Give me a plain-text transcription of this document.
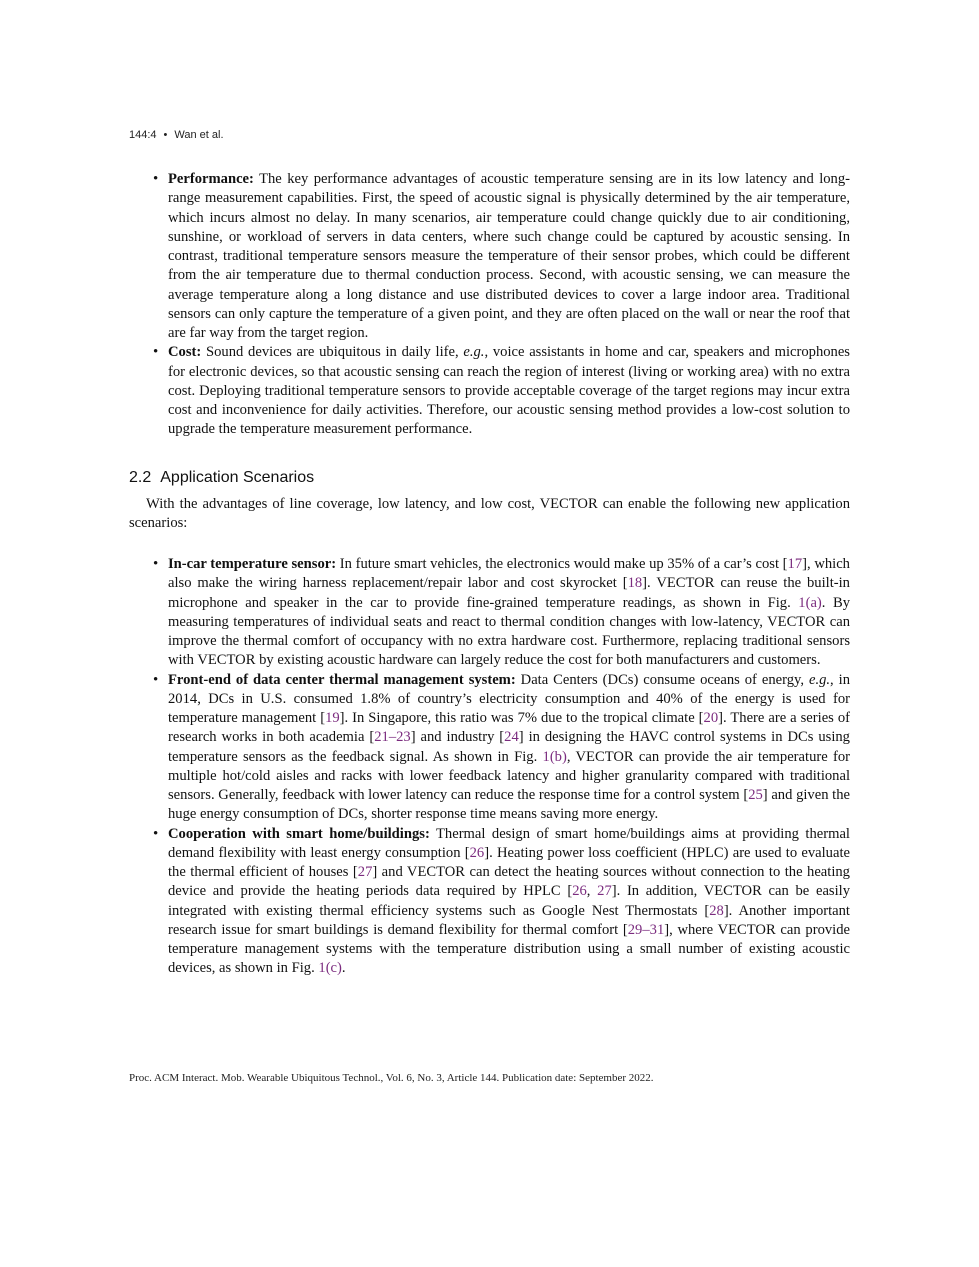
144:4 • Wan et al.
• Performance: The key performance advantages of acoustic temperature sensing are in its low latency and long-range measurement capabilities. First, the speed of acoustic signal is physically determined by the air temperature, which incurs almost no delay. In many scenarios, air temperature could change quickly due to air conditioning, sunshine, or workload of servers in data centers, where such change could be captured by acoustic sensing. In contrast, traditional temperature sensors measure the temperature of their sensor probes, which could be different from the air temperature due to thermal conduction process. Second, with acoustic sensing, we can measure the average temperature along a long distance and use distributed devices to cover a large indoor area. Traditional sensors can only capture the temperature of a given point, and they are often placed on the wall or near the roof that are far way from the target region.
• Cost: Sound devices are ubiquitous in daily life, e.g., voice assistants in home and car, speakers and microphones for electronic devices, so that acoustic sensing can reach the region of interest (living or working area) with no extra cost. Deploying traditional temperature sensors to provide acceptable coverage of the target regions may incur extra cost and inconvenience for daily activities. Therefore, our acoustic sensing method provides a low-cost solution to upgrade the temperature measurement performance.
2.2 Application Scenarios

With the advantages of line coverage, low latency, and low cost, VECTOR can enable the following new application scenarios:

• In-car temperature sensor: In future smart vehicles, the electronics would make up 35% of a car’s cost [17], which also make the wiring harness replacement/repair labor and cost skyrocket [18]. VECTOR can reuse the built-in microphone and speaker in the car to provide fine-grained temperature readings, as shown in Fig. 1(a). By measuring temperatures of individual seats and react to thermal condition changes with low-latency, VECTOR can improve the thermal comfort of occupancy with no extra hardware cost. Furthermore, replacing traditional sensors with VECTOR by existing acoustic hardware can largely reduce the cost for both manufacturers and customers.
• Front-end of data center thermal management system: Data Centers (DCs) consume oceans of energy, e.g., in 2014, DCs in U.S. consumed 1.8% of country’s electricity consumption and 40% of the energy is used for temperature management [19]. In Singapore, this ratio was 7% due to the tropical climate [20]. There are a series of research works in both academia [21–23] and industry [24] in designing the HAVC control systems in DCs using temperature sensors as the feedback signal. As shown in Fig. 1(b), VECTOR can provide the air temperature for multiple hot/cold aisles and racks with lower feedback latency and higher granularity compared with traditional sensors. Generally, feedback with lower latency can reduce the response time for a control system [25] and given the huge energy consumption of DCs, shorter response time means saving more energy.
• Cooperation with smart home/buildings: Thermal design of smart home/buildings aims at providing thermal demand flexibility with least energy consumption [26]. Heating power loss coefficient (HPLC) are used to evaluate the thermal efficient of houses [27] and VECTOR can detect the heating sources without connection to the heating device and provide the heating periods data required by HPLC [26, 27]. In addition, VECTOR can be easily integrated with existing thermal efficiency systems such as Google Nest Thermostats [28]. Another important research issue for smart buildings is demand flexibility for thermal comfort [29–31], where VECTOR can provide temperature management systems with the temperature distribution using a small number of existing acoustic devices, as shown in Fig. 1(c).
Proc. ACM Interact. Mob. Wearable Ubiquitous Technol., Vol. 6, No. 3, Article 144. Publication date: September 2022.
